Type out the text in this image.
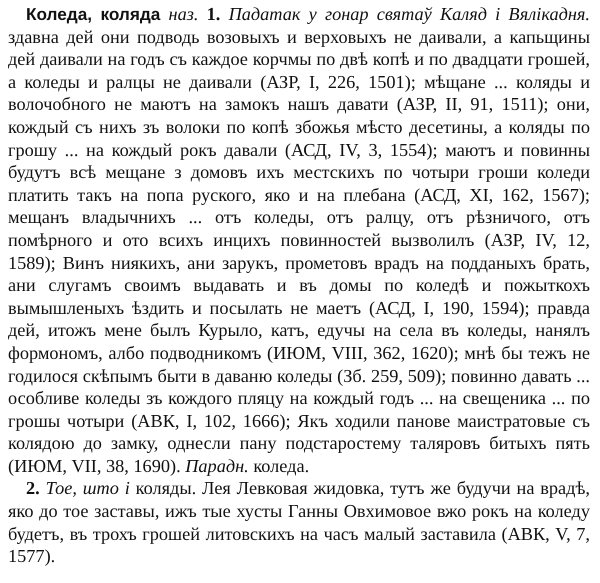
Коледа, коляда наз. 1. Падатак у гонар святаў Каляд і Вялікадня. здавна дей они подводь возовыхъ и верховыхъ не даивали, а капьщины дей даивали на годъ съ каждое корчмы по двѣ копѣ и по двадцати грошей, а коледы и ралцы не даивали (АЗР, I, 226, 1501); мѣщане ... коляды и волочобного не маютъ на замокъ нашъ давати (АЗР, II, 91, 1511); они, кождый съ нихъ зъ волоки по копѣ збожья мѣсто десетины, а коляды по грошу ... на кождый рокъ давали (АСД, IV, 3, 1554); маютъ и повинны будутъ всѣ мещане з домовъ ихъ местскихъ по чотыри гроши коледи платить такъ на попа руского, яко и на плебана (АСД, XI, 162, 1567); мещанъ владычнихъ ... отъ коледы, отъ ралцу, отъ рѣзничого, отъ помѣрного и ото всихъ инцихъ повинностей вызволилъ (АЗР, IV, 12, 1589); Винъ ниякихъ, ани зарукъ, прометовъ врадъ на подданыхъ брать, ани слугамъ своимъ выдавать и въ домы по коледѣ и пожыткохъ вымышленыхъ ѣздить и посылать не маетъ (АСД, I, 190, 1594); правда дей, итожъ мене былъ Курыло, катъ, едучы на села въ коледы, нанялъ формономъ, албо подводникомъ (ИЮМ, VIII, 362, 1620); мнѣ бы тежъ не годилося скѣпымъ быти в даваню коледы (Зб. 259, 509); повинно давать ... особливе коледы зъ кождого пляцу на кождый годъ ... на свещеника ... по грошы чотыри (АВК, I, 102, 1666); Якъ ходили панове маистратовые съ колядою до замку, однесли пану подстаростему таляровъ битыхъ пять (ИЮМ, VII, 38, 1690). Парадн. коледа.

2. Тое, што і коляды. Лея Левковая жидовка, тутъ же будучи на врадѣ, яко до тое заставы, ижъ тые хусты Ганны Овхимовое вжо рокъ на коледу будетъ, въ трохъ грошей литовскихъ на часъ малый заставила (АВК, V, 7, 1577).
